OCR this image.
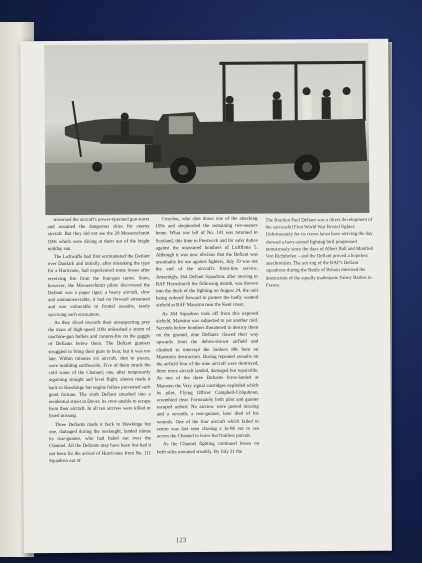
traversed the aircraft's power-operated gun-turret and assumed the dangerous skies for enemy aircraft. But they did not see the 20 Messerschmitt 109s which were diving at them out of the bright midday sun.

The Luftwaffe had first encountered the Defiant over Dunkirk and initially, after mistaking the type for a Hurricane, had experienced some losses after receiving fire from the four-gun turret. Soon, however, the Messerschmitt pilots discovered the Defiant was a paper tiger; a heavy aircraft, slow and unmanoeuvrable, it had no forward armament and was vulnerable to frontal assaults, rarely surviving such encounters.

As they dived towards their unsuspecting prey the mass of high-speed 109s unleashed a storm of machine-gun bullets and cannon-fire on the gaggle of Defiants below them. The Defiant gunners struggled to bring their guns to bear, but it was too late. Within minutes six aircraft, shot to pieces, were tumbling earthwards. Five of them struck the cold water of the Channel; one, after temporarily regaining straight and level flight, almost made it back to Hawkinge but engine failure prevented such good fortune. The sixth Defiant smashed into a residential street in Dover, its crew unable to escape from their aircraft. In all ten aircrew were killed or listed missing.

Three Defiants made it back to Hawkinge but one, damaged during the onslaught, landed minus its rear-gunner, who had baled out over the Channel. All the Defiants may have been lost had it not been for the arrival of Hurricanes from No. 111 Squadron out of

Croydon, who shot down one of the attacking 109s and shepherded the remaining two-seaters home. What was left of No. 141 was returned to Scotland, this time to Prestwick and for safer duties against the unassured bombers of Luftflotte 5. Although it was now obvious that the Defiant was unsuitable for use against fighters, July 19 was not the end of the aircraft's front-line service. Amazingly, 264 Defiant Squadron, after moving to RAF Hornchurch the following month, was thrown into the thick of the fighting on August 24, the unit being ordered forward to protect the badly wanted airfield at RAF Manston near the Kent coast.

As 264 Squadron took off from this exposed airfield, Manston was subjected to yet another raid. Seconds before bombers threatened to destroy them on the ground, nine Defiants clawed their way upwards from the debris-strewn airfield and climbed to intercept the Junkers 88s bent on Manston's destruction. During repeated assaults on the airfield four of the nine aircraft were destroyed, three more aircraft landed, damaged but repairable. As one of the three Defiants force-landed at Manston the Very signal cartridges exploded which its pilot, Flying Officer Campbell-Colquhoun, scrambled clear. Fortunately both pilot and gunner escaped unhurt. No aircrew were posted missing and a seventh, a rear-gunner, later died of his wounds. One of the four aircraft which failed to return was last seen chasing a Ju-88 out to sea across the Channel to leave but fruitless pursuit.

As the Channel fighting continued losses on both sides mounted steadily. By July 21 the

The Boulton Paul Defiant was a direct development of the successful First World War Bristol fighter. Unfortunately for its crews lacan have arriving the day showed a havy-armed fighting bird progressed monstrously since the days of Albert Ball and Manfred Von Richthofen – and the Defiant proved a hopeless anachronism. The ace-ing of the RAF's Defiant squadrons during the Battle of Britain mirrored the destruction of the equally inadequate Fairey Battles in France.
123
